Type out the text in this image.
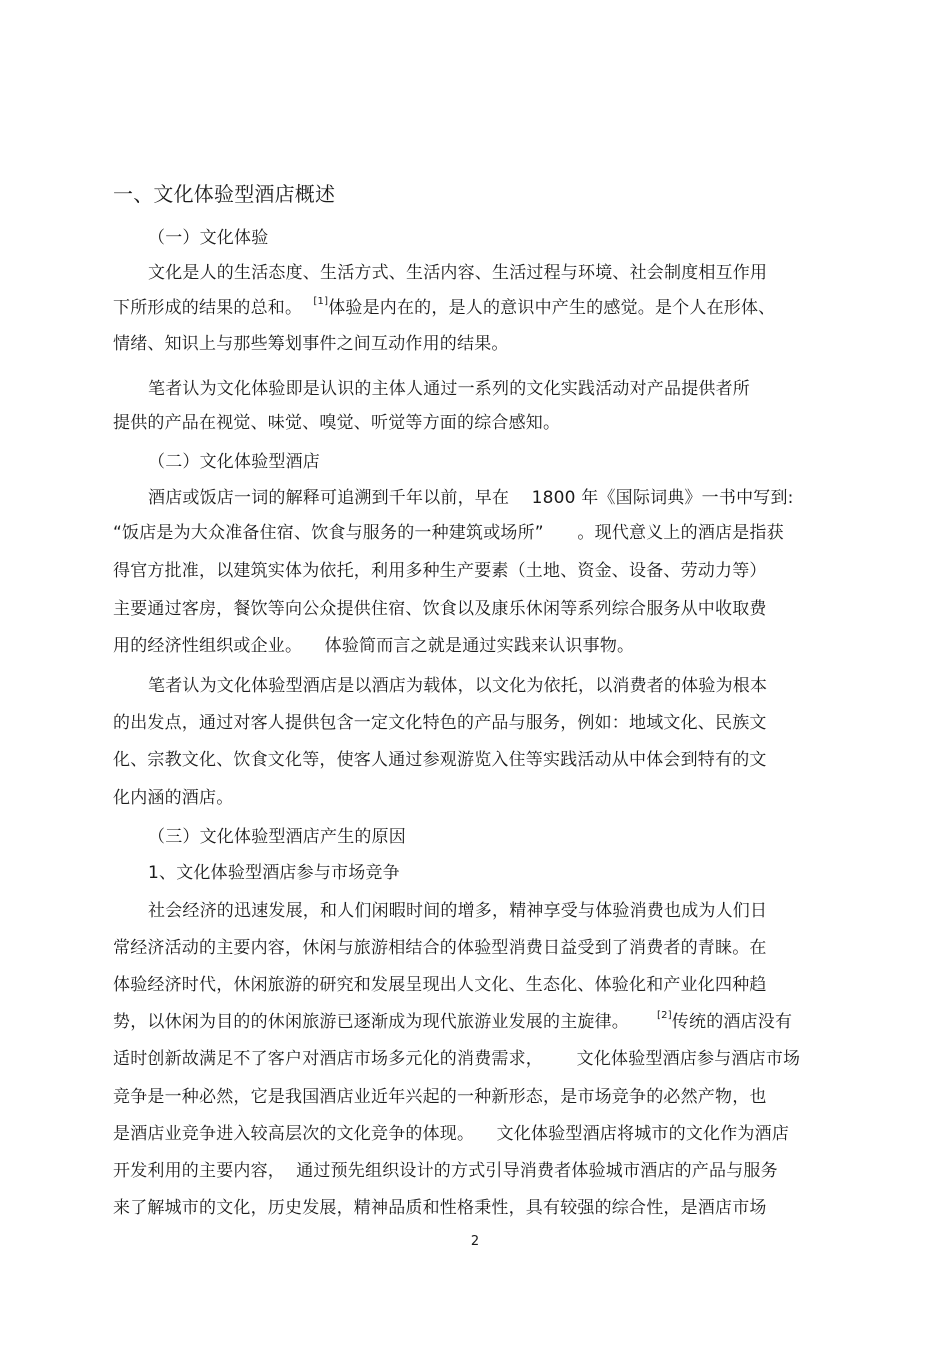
一、文化体验型酒店概述
（一）文化体验
文化是人的生活态度、生活方式、生活内容、生活过程与环境、社会制度相互作用
下所形成的结果的总和。  [1]体验是内在的，是人的意识中产生的感觉。是个人在形体、
情绪、知识上与那些筹划事件之间互动作用的结果。
笔者认为文化体验即是认识的主体人通过一系列的文化实践活动对产品提供者所
提供的产品在视觉、味觉、嗅觉、听觉等方面的综合感知。
（二）文化体验型酒店
酒店或饭店一词的解释可追溯到千年以前，早在    1800 年《国际词典》一书中写到:
“饭店是为大众准备住宿、饮食与服务的一种建筑或场所”      。现代意义上的酒店是指获
得官方批准，以建筑实体为依托，利用多种生产要素（土地、资金、设备、劳动力等）
主要通过客房，餐饮等向公众提供住宿、饮食以及康乐休闲等系列综合服务从中收取费
用的经济性组织或企业。    体验简而言之就是通过实践来认识事物。
笔者认为文化体验型酒店是以酒店为载体，以文化为依托，以消费者的体验为根本
的出发点，通过对客人提供包含一定文化特色的产品与服务，例如：地域文化、民族文
化、宗教文化、饮食文化等，使客人通过参观游览入住等实践活动从中体会到特有的文
化内涵的酒店。
（三）文化体验型酒店产生的原因
1、文化体验型酒店参与市场竞争
社会经济的迅速发展，和人们闲暇时间的增多，精神享受与体验消费也成为人们日
常经济活动的主要内容，休闲与旅游相结合的体验型消费日益受到了消费者的青睐。在
体验经济时代，休闲旅游的研究和发展呈现出人文化、生态化、体验化和产业化四种趋
势，以休闲为目的的休闲旅游已逐渐成为现代旅游业发展的主旋律。     [2]传统的酒店没有
适时创新故满足不了客户对酒店市场多元化的消费需求，      文化体验型酒店参与酒店市场
竞争是一种必然，它是我国酒店业近年兴起的一种新形态，是市场竞争的必然产物，也
是酒店业竞争进入较高层次的文化竞争的体现。    文化体验型酒店将城市的文化作为酒店
开发利用的主要内容，  通过预先组织设计的方式引导消费者体验城市酒店的产品与服务
来了解城市的文化，历史发展，精神品质和性格秉性，具有较强的综合性，是酒店市场
2
